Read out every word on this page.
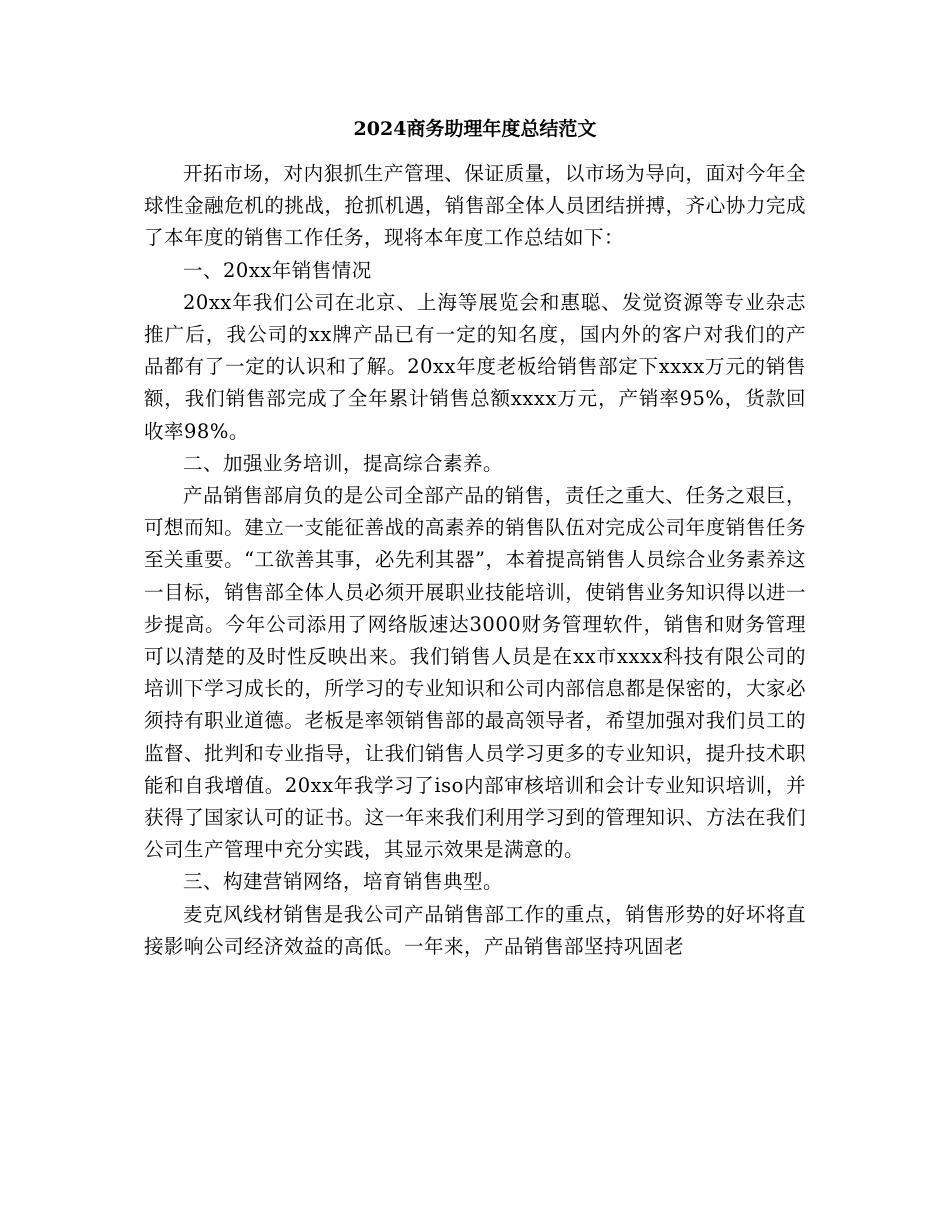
2024商务助理年度总结范文

开拓市场，对内狠抓生产管理、保证质量，以市场为导向，面对今年全球性金融危机的挑战，抢抓机遇，销售部全体人员团结拼搏，齐心协力完成了本年度的销售工作任务，现将本年度工作总结如下：

一、20xx年销售情况

20xx年我们公司在北京、上海等展览会和惠聪、发觉资源等专业杂志推广后，我公司的xx牌产品已有一定的知名度，国内外的客户对我们的产品都有了一定的认识和了解。20xx年度老板给销售部定下xxxx万元的销售额，我们销售部完成了全年累计销售总额xxxx万元，产销率95%，货款回收率98%。

二、加强业务培训，提高综合素养。

产品销售部肩负的是公司全部产品的销售，责任之重大、任务之艰巨，可想而知。建立一支能征善战的高素养的销售队伍对完成公司年度销售任务至关重要。“工欲善其事，必先利其器”，本着提高销售人员综合业务素养这一目标，销售部全体人员必须开展职业技能培训，使销售业务知识得以进一步提高。今年公司添用了网络版速达3000财务管理软件，销售和财务管理可以清楚的及时性反映出来。我们销售人员是在xx市xxxx科技有限公司的培训下学习成长的，所学习的专业知识和公司内部信息都是保密的，大家必须持有职业道德。老板是率领销售部的最高领导者，希望加强对我们员工的监督、批判和专业指导，让我们销售人员学习更多的专业知识，提升技术职能和自我增值。20xx年我学习了iso内部审核培训和会计专业知识培训，并获得了国家认可的证书。这一年来我们利用学习到的管理知识、方法在我们公司生产管理中充分实践，其显示效果是满意的。

三、构建营销网络，培育销售典型。

麦克风线材销售是我公司产品销售部工作的重点，销售形势的好坏将直接影响公司经济效益的高低。一年来，产品销售部坚持巩固老
